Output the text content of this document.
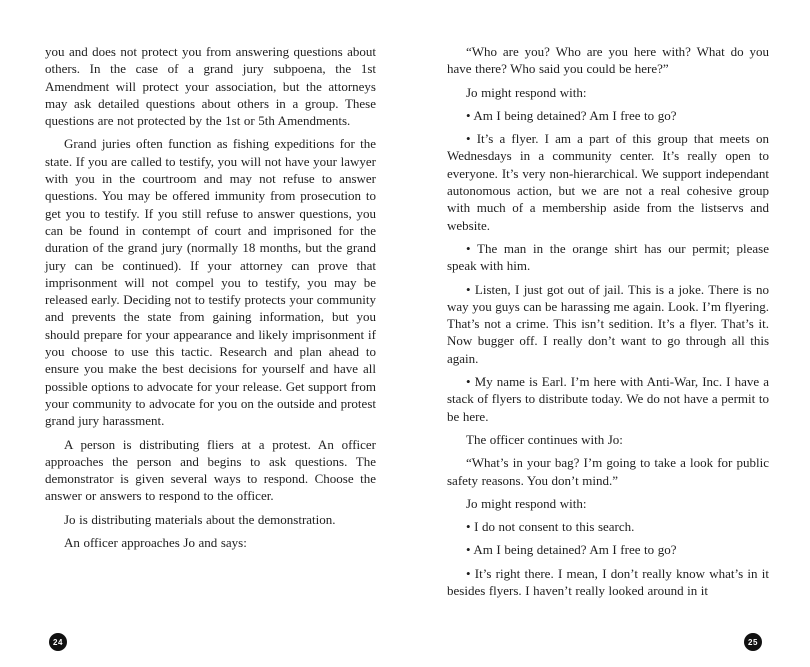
you and does not protect you from answering questions about others. In the case of a grand jury subpoena, the 1st Amendment will protect your association, but the attorneys may ask detailed questions about others in a group. These questions are not protected by the 1st or 5th Amendments.

Grand juries often function as fishing expeditions for the state. If you are called to testify, you will not have your lawyer with you in the courtroom and may not refuse to answer questions. You may be offered immunity from prosecution to get you to testify. If you still refuse to answer questions, you can be found in contempt of court and imprisoned for the duration of the grand jury (normally 18 months, but the grand jury can be continued). If your attorney can prove that imprisonment will not compel you to testify, you may be released early. Deciding not to testify protects your community and prevents the state from gaining information, but you should prepare for your appearance and likely imprisonment if you choose to use this tactic. Research and plan ahead to ensure you make the best decisions for yourself and have all possible options to advocate for your release. Get support from your community to advocate for you on the outside and protest grand jury harassment.

A person is distributing fliers at a protest. An officer approaches the person and begins to ask questions. The demonstrator is given several ways to respond. Choose the answer or answers to respond to the officer.

Jo is distributing materials about the demonstration.

An officer approaches Jo and says:

24

“Who are you? Who are you here with? What do you have there? Who said you could be here?”

Jo might respond with:

• Am I being detained? Am I free to go?

• It’s a flyer. I am a part of this group that meets on Wednesdays in a community center. It’s really open to everyone. It’s very non-hierarchical. We support independant autonomous action, but we are not a real cohesive group with much of a membership aside from the listservs and website.

• The man in the orange shirt has our permit; please speak with him.

• Listen, I just got out of jail. This is a joke. There is no way you guys can be harassing me again. Look. I’m flyering. That’s not a crime. This isn’t sedition. It’s a flyer. That’s it. Now bugger off. I really don’t want to go through all this again.

• My name is Earl. I’m here with Anti-War, Inc. I have a stack of flyers to distribute today. We do not have a permit to be here.

The officer continues with Jo:

“What’s in your bag? I’m going to take a look for public safety reasons. You don’t mind.”

Jo might respond with:

• I do not consent to this search.

• Am I being detained? Am I free to go?

• It’s right there. I mean, I don’t really know what’s in it besides flyers. I haven’t really looked around in it

25
